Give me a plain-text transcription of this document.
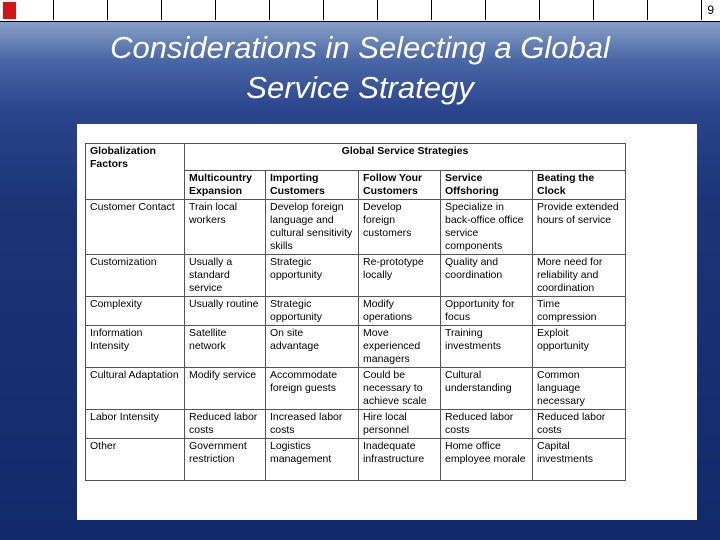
9
Considerations in Selecting a Global
Service Strategy
Globalization Factors	Global Service Strategies				
	Multicountry Expansion	Importing Customers	Follow Your Customers	Service Offshoring	Beating the Clock
Customer Contact	Train local workers	Develop foreign language and cultural sensitivity skills	Develop foreign customers	Specialize in back-office office service components	Provide extended hours of service
Customization	Usually a standard service	Strategic opportunity	Re-prototype locally	Quality and coordination	More need for reliability and coordination
Complexity	Usually routine	Strategic opportunity	Modify operations	Opportunity for focus	Time compression
Information Intensity	Satellite network	On site advantage	Move experienced managers	Training investments	Exploit opportunity
Cultural Adaptation	Modify service	Accommodate foreign guests	Could be necessary to achieve scale	Cultural understanding	Common language necessary
Labor Intensity	Reduced labor costs	Increased labor costs	Hire local personnel	Reduced labor costs	Reduced labor costs
Other	Government restriction	Logistics management	Inadequate infrastructure	Home office employee morale	Capital investments
